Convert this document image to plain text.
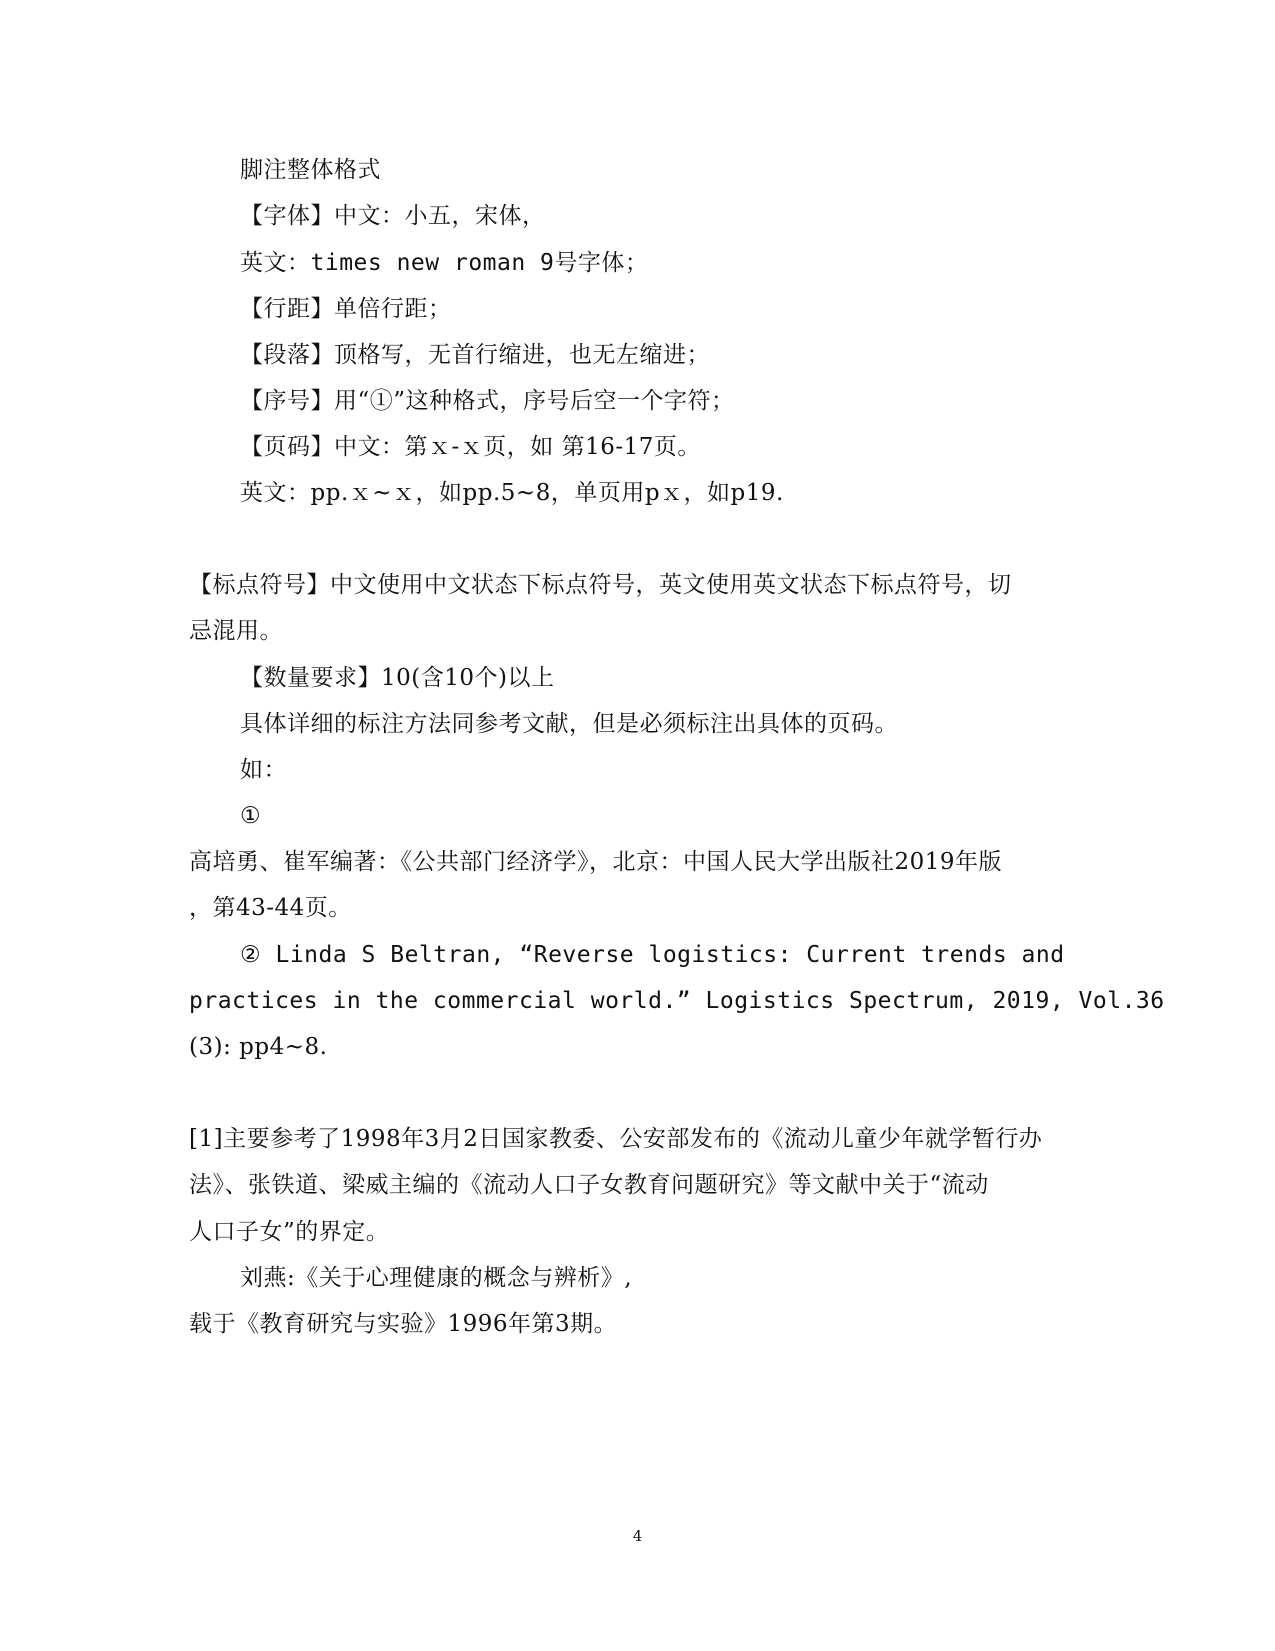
脚注整体格式
【字体】中文：小五，宋体，
英文：times new roman 9号字体；
【行距】单倍行距；
【段落】顶格写，无首行缩进，也无左缩进；
【序号】用“①”这种格式，序号后空一个字符；
【页码】中文：第ｘ-ｘ页，如 第16-17页。
英文：pp.ｘ~ｘ，如pp.5~8，单页用pｘ，如p19.
【标点符号】中文使用中文状态下标点符号，英文使用英文状态下标点符号，切
忌混用。
【数量要求】10(含10个)以上
具体详细的标注方法同参考文献，但是必须标注出具体的页码。
如：
①
高培勇、崔军编著：《公共部门经济学》，北京：中国人民大学出版社2019年版
，第43-44页。
② Linda S Beltran, “Reverse logistics: Current trends and
practices in the commercial world.” Logistics Spectrum, 2019, Vol.36
(3): pp4~8.
[1]主要参考了1998年3月2日国家教委、公安部发布的《流动儿童少年就学暂行办
法》、张铁道、梁威主编的《流动人口子女教育问题研究》等文献中关于“流动
人口子女”的界定。
刘燕:《关于心理健康的概念与辨析》,
载于《教育研究与实验》1996年第3期。
4
